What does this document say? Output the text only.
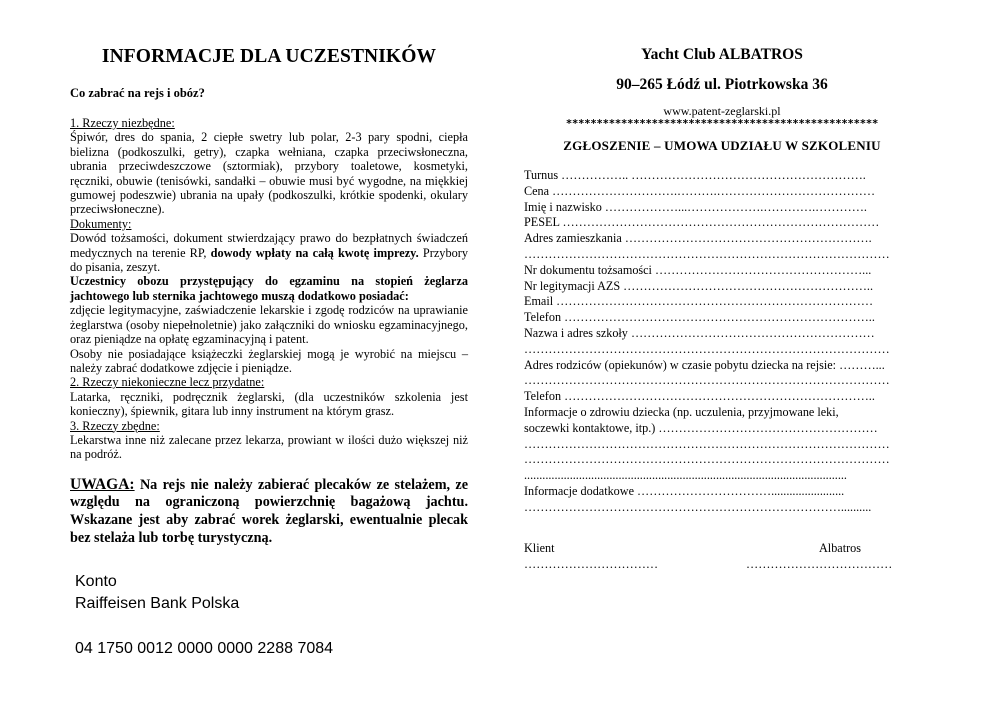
INFORMACJE DLA UCZESTNIKÓW
Co zabrać na rejs i obóz?

1. Rzeczy niezbędne:

Śpiwór, dres do spania, 2 ciepłe swetry lub polar, 2-3 pary spodni, ciepła bielizna (podkoszulki, getry), czapka wełniana, czapka przeciwsłoneczna, ubrania przeciwdeszczowe (sztormiak), przybory toaletowe, kosmetyki, ręczniki, obuwie (tenisówki, sandałki – obuwie musi być wygodne, na miękkiej gumowej podeszwie) ubrania na upały (podkoszulki, krótkie spodenki, okulary przeciwsłoneczne).

Dokumenty:

Dowód tożsamości, dokument stwierdzający prawo do bezpłatnych świadczeń medycznych na terenie RP, dowody wpłaty na całą kwotę imprezy. Przybory do pisania, zeszyt.

Uczestnicy obozu przystępujący do egzaminu na stopień żeglarza jachtowego lub sternika jachtowego muszą dodatkowo posiadać:

zdjęcie legitymacyjne, zaświadczenie lekarskie i zgodę rodziców na uprawianie żeglarstwa (osoby niepełnoletnie) jako załączniki do wniosku egzaminacyjnego, oraz pieniądze na opłatę egzaminacyjną i patent.

Osoby nie posiadające książeczki żeglarskiej mogą je wyrobić na miejscu – należy zabrać dodatkowe zdjęcie i pieniądze.

2. Rzeczy niekonieczne lecz przydatne:

Latarka, ręczniki, podręcznik żeglarski, (dla uczestników szkolenia jest konieczny), śpiewnik, gitara lub inny instrument na którym grasz.

3. Rzeczy zbędne:

Lekarstwa inne niż zalecane przez lekarza, prowiant w ilości dużo większej niż na podróż.

UWAGA: Na rejs nie należy zabierać plecaków ze stelażem, ze względu na ograniczoną powierzchnię bagażową jachtu. Wskazane jest aby zabrać worek żeglarski, ewentualnie plecak bez stelaża lub torbę turystyczną.
Konto
Raiffeisen Bank Polska
04 1750 0012 0000 0000 2288 7084
Yacht Club ALBATROS
90–265 Łódź ul. Piotrkowska 36
www.patent-zeglarski.pl
***************************************************
ZGŁOSZENIE – UMOWA UDZIAŁU W SZKOLENIU
Turnus …………….. ………………………………………………….
Cena ………………………….……….…………………………………
Imię i nazwisko ………………...……………….………….………….
PESEL ……………………………………………………………………
Adres zamieszkania …………………………………………………….
………………………………………………………………………………
Nr dokumentu tożsamości ……………………………………………...
Nr legitymacji AZS ……………………………………………………..
Email ……………………………………………………………………
Telefon …………………………………………………………………..
Nazwa i adres szkoły ……………………………………………………
………………………………………………………………………………
Adres rodziców (opiekunów) w czasie pobytu dziecka na rejsie: ………...
………………………………………………………………………………
Telefon …………………………………………………………………..
Informacje o zdrowiu dziecka (np. uczulenia, przyjmowane leki,
soczewki kontaktowe, itp.) ………………………………………………
………………………………………………………………………………
………………………………………………………………………………
..........................................................................................................
Informacje dodatkowe ……………………………........................
……………………………………………………………………..........
Klient	Albatros
……………………………	………………………………
